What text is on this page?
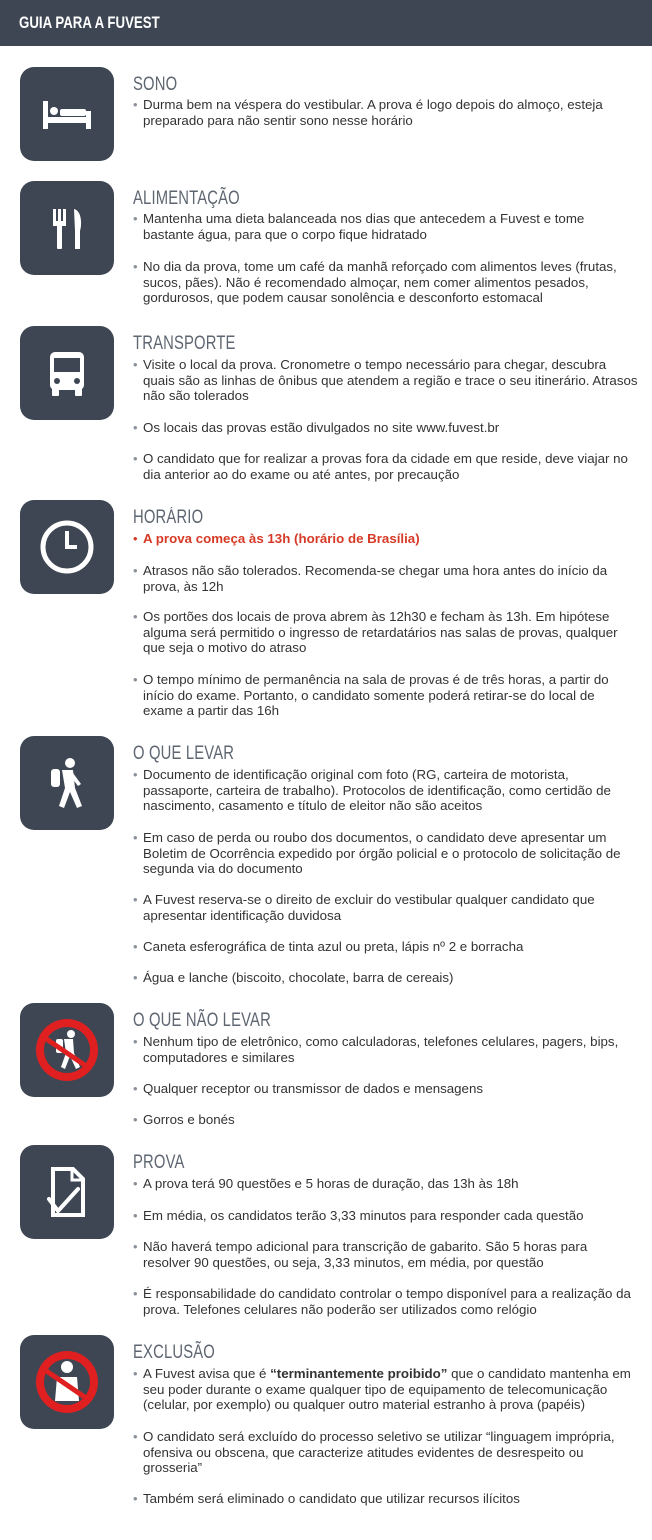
GUIA PARA A FUVEST
SONO
• Durma bem na véspera do vestibular. A prova é logo depois do almoço, esteja preparado para não sentir sono nesse horário
ALIMENTAÇÃO
• Mantenha uma dieta balanceada nos dias que antecedem a Fuvest e tome bastante água, para que o corpo fique hidratado
• No dia da prova, tome um café da manhã reforçado com alimentos leves (frutas, sucos, pães). Não é recomendado almoçar, nem comer alimentos pesados, gordurosos, que podem causar sonolência e desconforto estomacal
TRANSPORTE
• Visite o local da prova. Cronometre o tempo necessário para chegar, descubra quais são as linhas de ônibus que atendem a região e trace o seu itinerário. Atrasos não são tolerados
• Os locais das provas estão divulgados no site www.fuvest.br
• O candidato que for realizar a provas fora da cidade em que reside, deve viajar no dia anterior ao do exame ou até antes, por precaução
HORÁRIO
• A prova começa às 13h (horário de Brasília)
• Atrasos não são tolerados. Recomenda-se chegar uma hora antes do início da prova, às 12h
• Os portões dos locais de prova abrem às 12h30 e fecham às 13h. Em hipótese alguma será permitido o ingresso de retardatários nas salas de provas, qualquer que seja o motivo do atraso
• O tempo mínimo de permanência na sala de provas é de três horas, a partir do início do exame. Portanto, o candidato somente poderá retirar-se do local de exame a partir das 16h
O QUE LEVAR
• Documento de identificação original com foto (RG, carteira de motorista, passaporte, carteira de trabalho). Protocolos de identificação, como certidão de nascimento, casamento e título de eleitor não são aceitos
• Em caso de perda ou roubo dos documentos, o candidato deve apresentar um Boletim de Ocorrência expedido por órgão policial e o protocolo de solicitação de segunda via do documento
• A Fuvest reserva-se o direito de excluir do vestibular qualquer candidato que apresentar identificação duvidosa
• Caneta esferográfica de tinta azul ou preta, lápis nº 2 e borracha
• Água e lanche (biscoito, chocolate, barra de cereais)
O QUE NÃO LEVAR
• Nenhum tipo de eletrônico, como calculadoras, telefones celulares, pagers, bips, computadores e similares
• Qualquer receptor ou transmissor de dados e mensagens
• Gorros e bonés
PROVA
• A prova terá 90 questões e 5 horas de duração, das 13h às 18h
• Em média, os candidatos terão 3,33 minutos para responder cada questão
• Não haverá tempo adicional para transcrição de gabarito. São 5 horas para resolver 90 questões, ou seja, 3,33 minutos, em média, por questão
• É responsabilidade do candidato controlar o tempo disponível para a realização da prova. Telefones celulares não poderão ser utilizados como relógio
EXCLUSÃO
• A Fuvest avisa que é “terminantemente proibido” que o candidato mantenha em seu poder durante o exame qualquer tipo de equipamento de telecomunicação (celular, por exemplo) ou qualquer outro material estranho à prova (papéis)
• O candidato será excluído do processo seletivo se utilizar “linguagem imprópria, ofensiva ou obscena, que caracterize atitudes evidentes de desrespeito ou grosseria”
• Também será eliminado o candidato que utilizar recursos ilícitos
